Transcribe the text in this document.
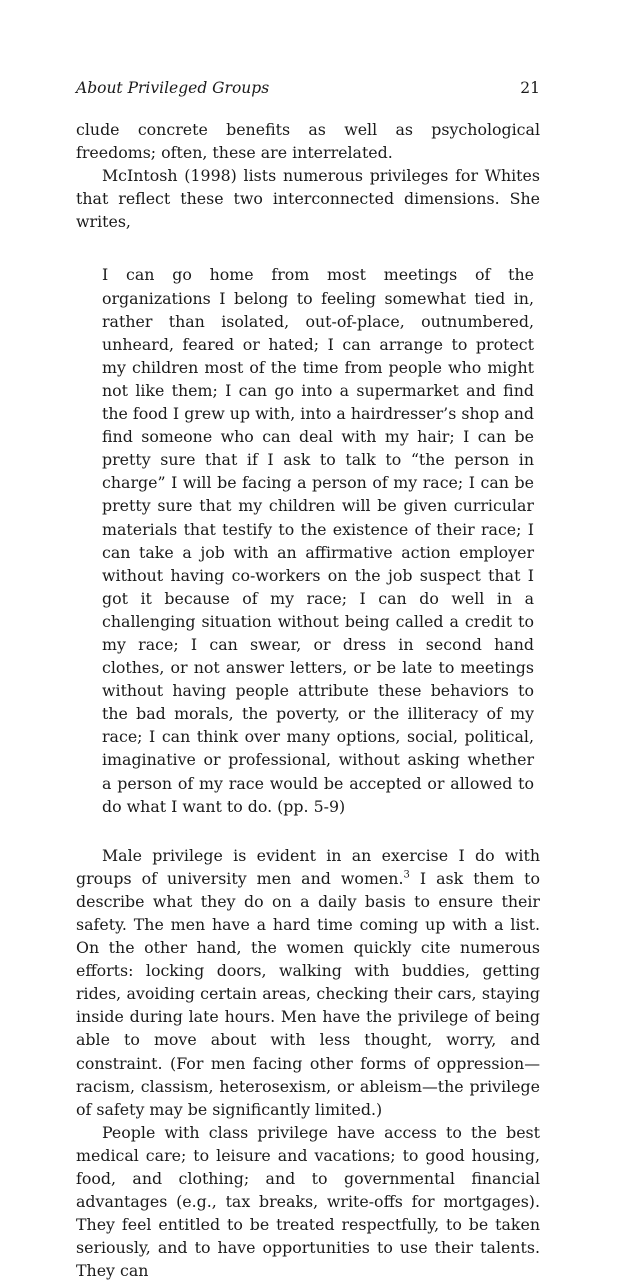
About Privileged Groups	21

clude concrete benefits as well as psychological freedoms; often, these are interrelated.

McIntosh (1998) lists numerous privileges for Whites that reflect these two interconnected dimensions. She writes,

I can go home from most meetings of the organizations I belong to feeling somewhat tied in, rather than isolated, out-of-place, outnumbered, unheard, feared or hated; I can arrange to protect my children most of the time from people who might not like them; I can go into a supermarket and find the food I grew up with, into a hairdresser’s shop and find someone who can deal with my hair; I can be pretty sure that if I ask to talk to “the person in charge” I will be facing a person of my race; I can be pretty sure that my children will be given curricular materials that testify to the existence of their race; I can take a job with an affirmative action employer without having co-workers on the job suspect that I got it because of my race; I can do well in a challenging situation without being called a credit to my race; I can swear, or dress in second hand clothes, or not answer letters, or be late to meetings without having people attribute these behaviors to the bad morals, the poverty, or the illiteracy of my race; I can think over many options, social, political, imaginative or professional, without asking whether a person of my race would be accepted or allowed to do what I want to do. (pp. 5-9)

Male privilege is evident in an exercise I do with groups of university men and women.$^3$ I ask them to describe what they do on a daily basis to ensure their safety. The men have a hard time coming up with a list. On the other hand, the women quickly cite numerous efforts: locking doors, walking with buddies, getting rides, avoiding certain areas, checking their cars, staying inside during late hours. Men have the privilege of being able to move about with less thought, worry, and constraint. (For men facing other forms of oppression—racism, classism, heterosexism, or ableism—the privilege of safety may be significantly limited.)

People with class privilege have access to the best medical care; to leisure and vacations; to good housing, food, and clothing; and to governmental financial advantages (e.g., tax breaks, write-offs for mortgages). They feel entitled to be treated respectfully, to be taken seriously, and to have opportunities to use their talents. They can
